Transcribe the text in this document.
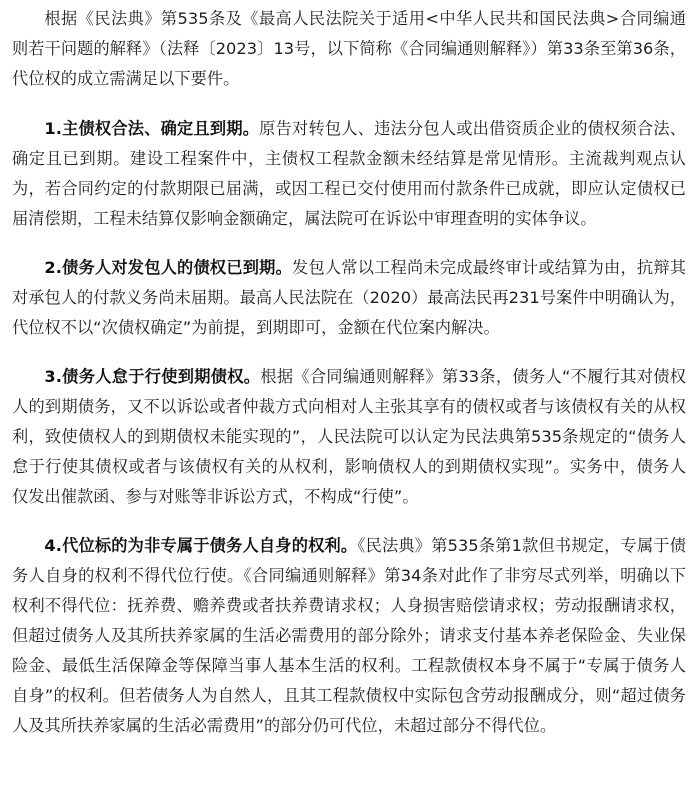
根据《民法典》第535条及《最高人民法院关于适用<中华人民共和国民法典>合同编通则若干问题的解释》（法释〔2023〕13号，以下简称《合同编通则解释》）第33条至第36条，代位权的成立需满足以下要件。

1.主债权合法、确定且到期。原告对转包人、违法分包人或出借资质企业的债权须合法、确定且已到期。建设工程案件中，主债权工程款金额未经结算是常见情形。主流裁判观点认为，若合同约定的付款期限已届满，或因工程已交付使用而付款条件已成就，即应认定债权已届清偿期，工程未结算仅影响金额确定，属法院可在诉讼中审理查明的实体争议。

2.债务人对发包人的债权已到期。发包人常以工程尚未完成最终审计或结算为由，抗辩其对承包人的付款义务尚未届期。最高人民法院在（2020）最高法民再231号案件中明确认为，代位权不以“次债权确定”为前提，到期即可，金额在代位案内解决。

3.债务人怠于行使到期债权。根据《合同编通则解释》第33条，债务人“不履行其对债权人的到期债务，又不以诉讼或者仲裁方式向相对人主张其享有的债权或者与该债权有关的从权利，致使债权人的到期债权未能实现的”，人民法院可以认定为民法典第535条规定的“债务人怠于行使其债权或者与该债权有关的从权利，影响债权人的到期债权实现”。实务中，债务人仅发出催款函、参与对账等非诉讼方式，不构成“行使”。

4.代位标的为非专属于债务人自身的权利。《民法典》第535条第1款但书规定，专属于债务人自身的权利不得代位行使。《合同编通则解释》第34条对此作了非穷尽式列举，明确以下权利不得代位：抚养费、赡养费或者扶养费请求权；人身损害赔偿请求权；劳动报酬请求权，但超过债务人及其所扶养家属的生活必需费用的部分除外；请求支付基本养老保险金、失业保险金、最低生活保障金等保障当事人基本生活的权利。工程款债权本身不属于“专属于债务人自身”的权利。但若债务人为自然人，且其工程款债权中实际包含劳动报酬成分，则“超过债务人及其所扶养家属的生活必需费用”的部分仍可代位，未超过部分不得代位。
